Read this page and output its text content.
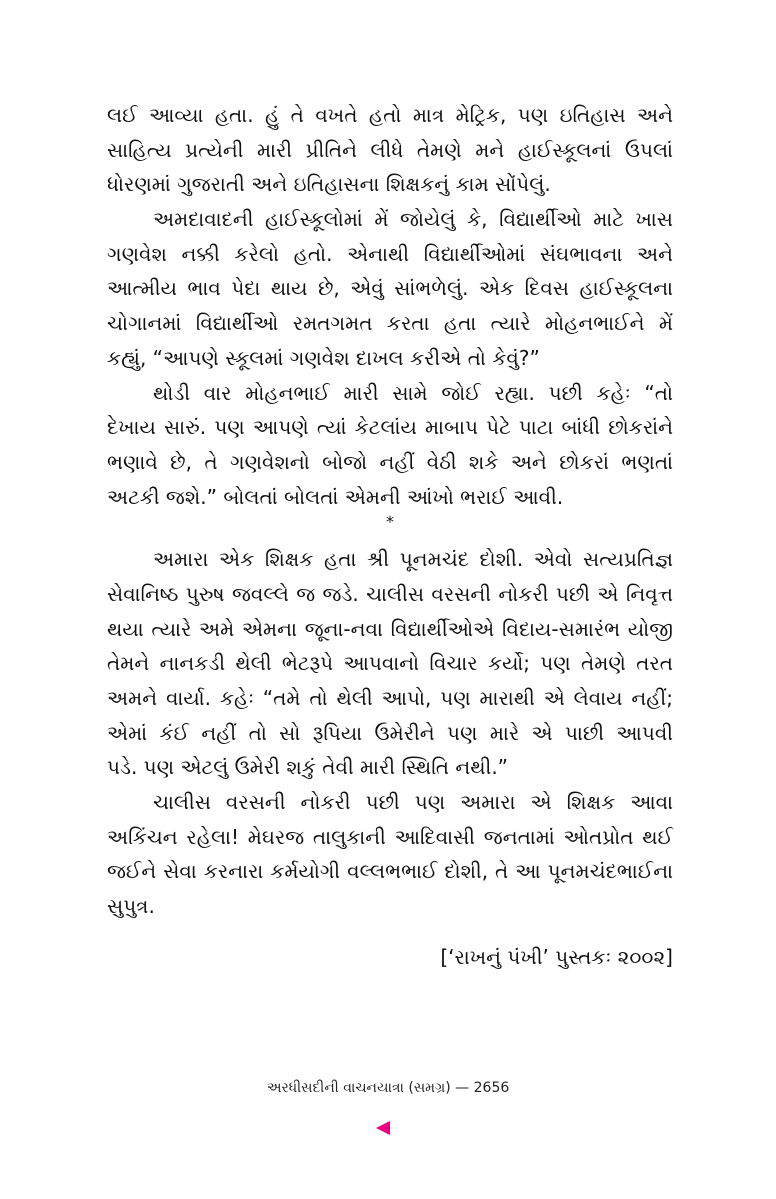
લઈ આવ્યા હતા. હું તે વખતે હતો માત્ર મેટ્રિક, પણ ઇતિહાસ અને
સાહિત્ય પ્રત્યેની મારી પ્રીતિને લીધે તેમણે મને હાઈસ્કૂલનાં ઉપલાં
ધોરણમાં ગુજરાતી અને ઇતિહાસના શિક્ષકનું કામ સોંપેલું.
અમદાવાદની હાઈસ્કૂલોમાં મેં જોયેલું કે, વિદ્યાર્થીઓ માટે ખાસ
ગણવેશ નક્કી કરેલો હતો. એનાથી વિદ્યાર્થીઓમાં સંઘભાવના અને
આત્મીય ભાવ પેદા થાય છે, એવું સાંભળેલું. એક દિવસ હાઈસ્કૂલના
ચોગાનમાં વિદ્યાર્થીઓ રમતગમત કરતા હતા ત્યારે મોહનભાઈને મેં
કહ્યું, “આપણે સ્કૂલમાં ગણવેશ દાખલ કરીએ તો કેવું?”
થોડી વાર મોહનભાઈ મારી સામે જોઈ રહ્યા. પછી કહેઃ “તો
દેખાય સારું. પણ આપણે ત્યાં કેટલાંય માબાપ પેટે પાટા બાંધી છોકરાંને
ભણાવે છે, તે ગણવેશનો બોજો નહીં વેઠી શકે અને છોકરાં ભણતાં
અટકી જશે.” બોલતાં બોલતાં એમની આંખો ભરાઈ આવી.
*
અમારા એક શિક્ષક હતા શ્રી પૂનમચંદ દોશી. એવો સત્યપ્રતિજ્ઞ
સેવાનિષ્ઠ પુરુષ જવલ્લે જ જડે. ચાલીસ વરસની નોકરી પછી એ નિવૃત્ત
થયા ત્યારે અમે એમના જૂના-નવા વિદ્યાર્થીઓએ વિદાય-સમારંભ યોજી
તેમને નાનકડી થેલી ભેટરૂપે આપવાનો વિચાર કર્યો; પણ તેમણે તરત
અમને વાર્યા. કહેઃ “તમે તો થેલી આપો, પણ મારાથી એ લેવાય નહીં;
એમાં કંઈ નહીં તો સો રૂપિયા ઉમેરીને પણ મારે એ પાછી આપવી
પડે. પણ એટલું ઉમેરી શકું તેવી મારી સ્થિતિ નથી.”
ચાલીસ વરસની નોકરી પછી પણ અમારા એ શિક્ષક આવા
અકિંચન રહેલા! મેઘરજ તાલુકાની આદિવાસી જનતામાં ઓતપ્રોત થઈ
જઈને સેવા કરનારા કર્મયોગી વલ્લભભાઈ દોશી, તે આ પૂનમચંદભાઈના
સુપુત્ર.
[‘રાખનું પંખી’ પુસ્તકઃ ૨૦૦૨]
અરધીસદીની વાચનયાત્રા (સમગ્ર) — 2656
